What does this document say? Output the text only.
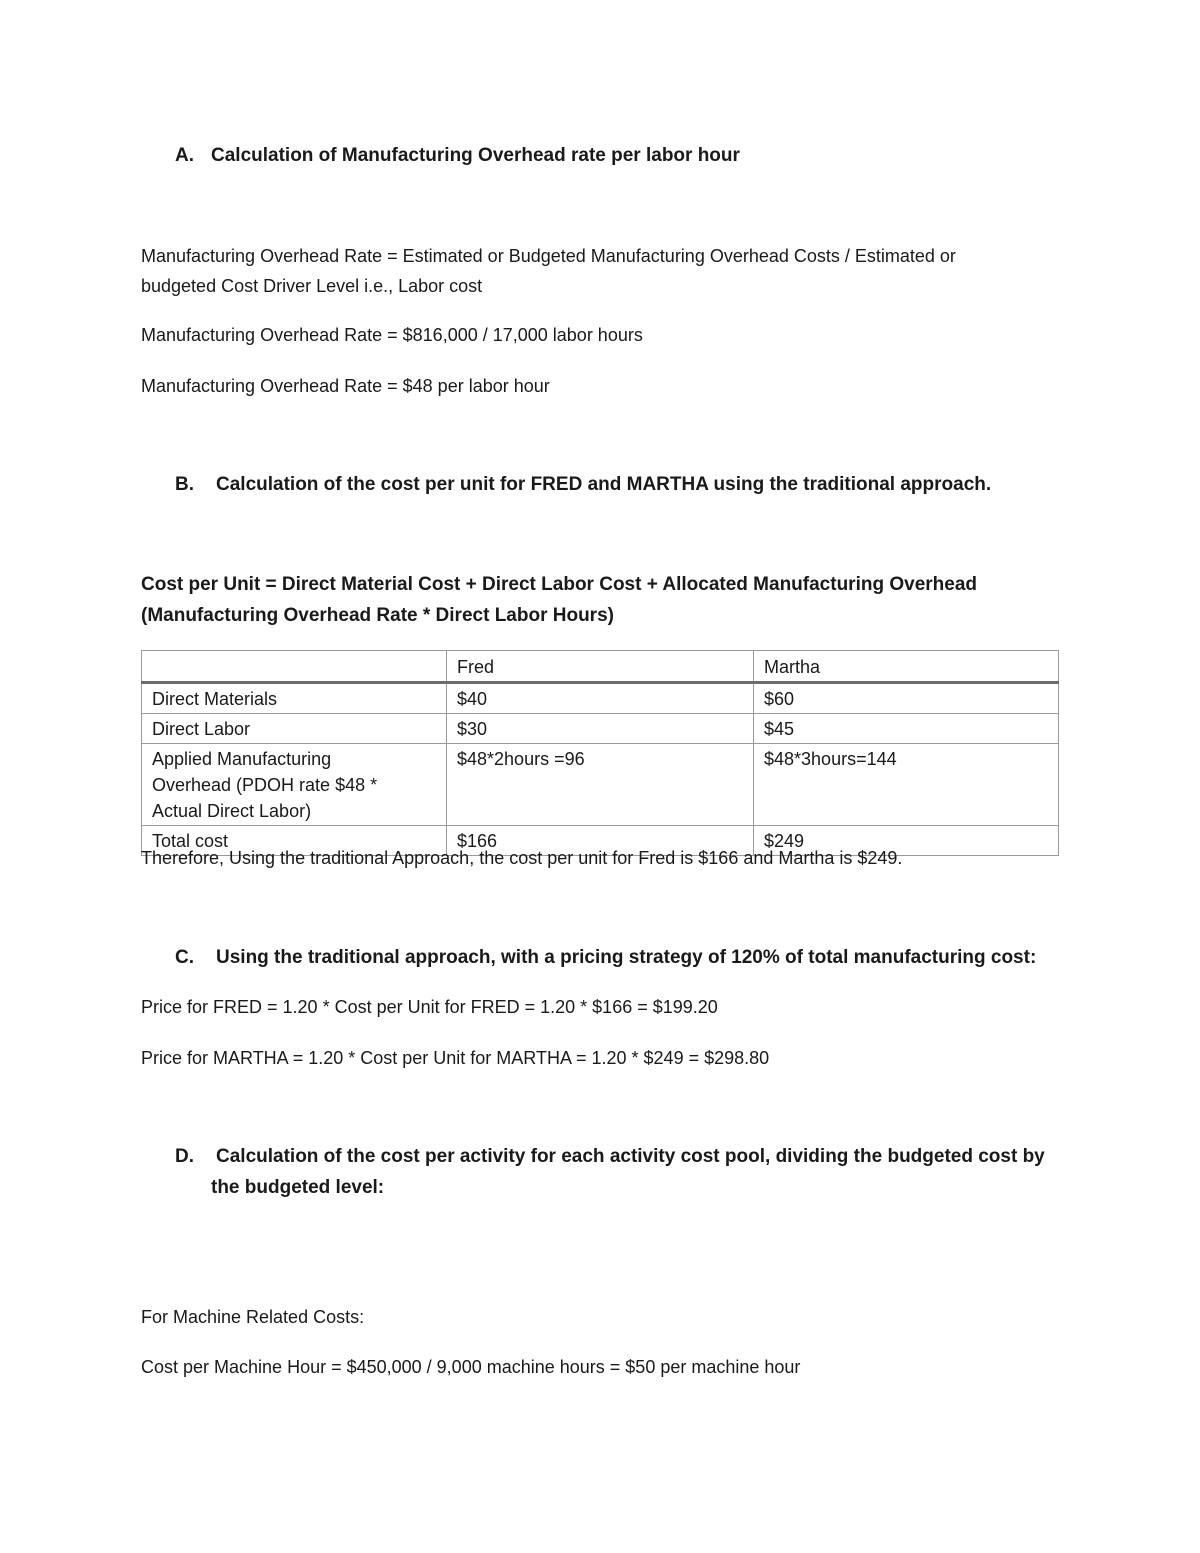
A. Calculation of Manufacturing Overhead rate per labor hour

Manufacturing Overhead Rate = Estimated or Budgeted Manufacturing Overhead Costs / Estimated or

budgeted Cost Driver Level i.e., Labor cost

Manufacturing Overhead Rate = $816,000 / 17,000 labor hours

Manufacturing Overhead Rate = $48 per labor hour

B. Calculation of the cost per unit for FRED and MARTHA using the traditional approach.

Cost per Unit = Direct Material Cost + Direct Labor Cost + Allocated Manufacturing Overhead

(Manufacturing Overhead Rate * Direct Labor Hours)

	Fred	Martha
Direct Materials	$40	$60
Direct Labor	$30	$45

Applied Manufacturing
Overhead (PDOH rate $48 *
Actual Direct Labor)	$48*2hours =96	$48*3hours=144
Total cost	$166	$249

Therefore, Using the traditional Approach, the cost per unit for Fred is $166 and Martha is $249.

C. Using the traditional approach, with a pricing strategy of 120% of total manufacturing cost:

Price for FRED = 1.20 * Cost per Unit for FRED = 1.20 * $166 = $199.20

Price for MARTHA = 1.20 * Cost per Unit for MARTHA = 1.20 * $249 = $298.80

D. Calculation of the cost per activity for each activity cost pool, dividing the budgeted cost by

the budgeted level:

For Machine Related Costs:

Cost per Machine Hour = $450,000 / 9,000 machine hours = $50 per machine hour
